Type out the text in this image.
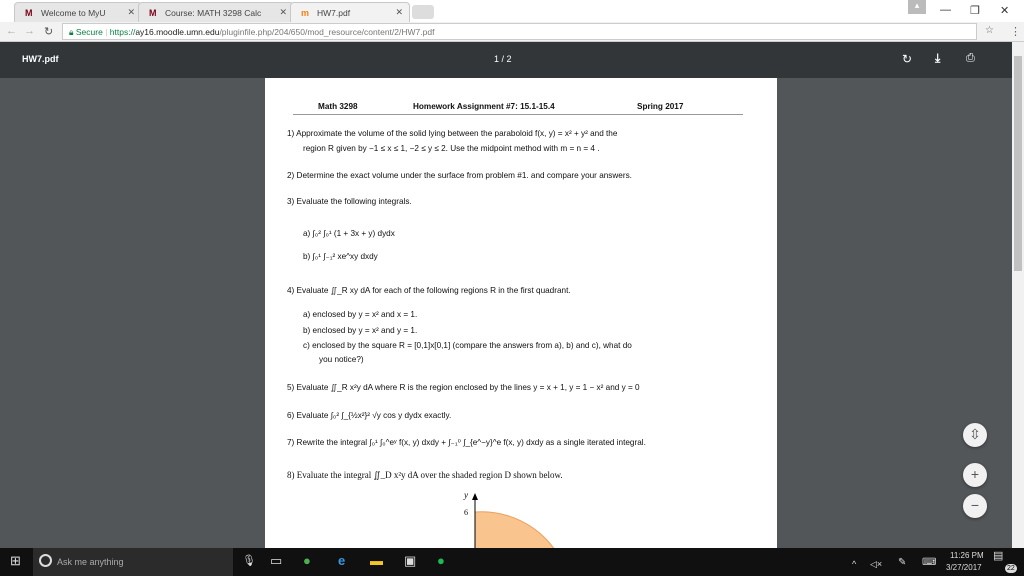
M Welcome to MyU ✕ M Course: MATH 3298 Calc ✕ m HW7.pdf	✕
▴	— ❐ ✕
← → ↻	🔒︎ Secure | https://ay16.moodle.umn.edu/pluginfile.php/204/650/mod_resource/content/2/HW7.pdf	☆ ⋮
HW7.pdf	1 / 2	↻ ⤓ ⎙
Math 3298	Homework Assignment #7: 15.1-15.4	Spring 2017
1) Approximate the volume of the solid lying between the paraboloid f(x, y) = x² + y² and the
region R given by −1 ≤ x ≤ 1, −2 ≤ y ≤ 2. Use the midpoint method with m = n = 4 .
2) Determine the exact volume under the surface from problem #1. and compare your answers.
3) Evaluate the following integrals.
a) ∫₀² ∫₀¹ (1 + 3x + y) dydx
b) ∫₀¹ ∫₋₁² xe^xy dxdy
4) Evaluate ∬_R xy dA for each of the following regions R in the first quadrant.
a) enclosed by y = x² and x = 1.
b) enclosed by y = x² and y = 1.
c) enclosed by the square R = [0,1]x[0,1] (compare the answers from a), b) and c), what do
you notice?)
5) Evaluate ∬_R x²y dA where R is the region enclosed by the lines y = x + 1, y = 1 − x² and y = 0
6) Evaluate ∫₀² ∫_{½x²}² √y cos y dydx exactly.
7) Rewrite the integral ∫₀¹ ∫₀^eʸ f(x, y) dxdy + ∫₋₁⁰ ∫_{e^−y}^e f(x, y) dxdy as a single iterated integral.
8) Evaluate the integral ∬_D x²y dA over the shaded region D shown below.
y
6
⇳
+
−
⊞	Ask me anything	🎙︎ ▭ ● e ▬ ▣ ●	^ ◁× ✎ ⌨
11:26 PM
3/27/2017
▤
22
